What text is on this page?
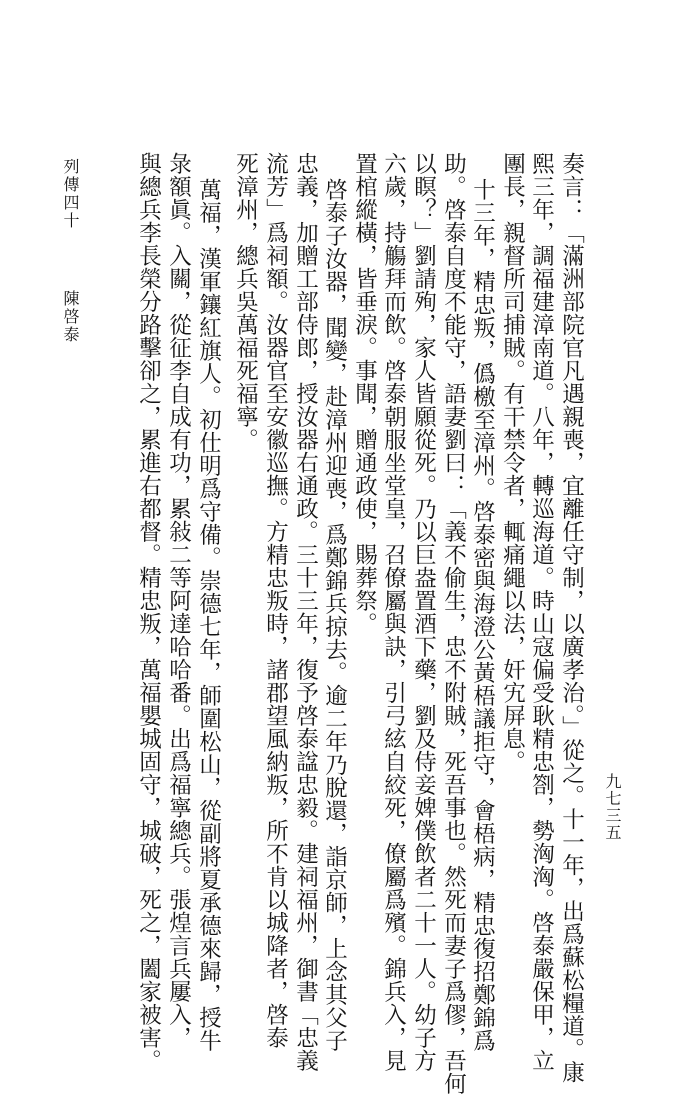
列傳四十
陳啓泰
九七三五
奏言：「滿洲部院官凡遇親喪，宜離任守制，以廣孝治。」從之。十一年，出爲蘇松糧道。康
熙三年，調福建漳南道。八年，轉巡海道。時山寇偏受耿精忠劄，勢洶洶。啓泰嚴保甲，立
團長，親督所司捕賊。有干禁令者，輒痛繩以法，奸宄屏息。
十三年，精忠叛，僞檄至漳州。啓泰密與海澄公黃梧議拒守，會梧病，精忠復招鄭錦爲
助。啓泰自度不能守，語妻劉曰：「義不偷生，忠不附賊，死吾事也。然死而妻子爲僇，吾何
以瞑？」劉請殉，家人皆願從死。乃以巨盎置酒下藥，劉及侍妾婢僕飲者二十一人。幼子方
六歲，持觴拜而飲。啓泰朝服坐堂皇，召僚屬與訣，引弓絃自絞死，僚屬爲殯。錦兵入，見
置棺縱橫，皆垂淚。事聞，贈通政使，賜葬祭。
啓泰子汝器，聞變，赴漳州迎喪，爲鄭錦兵掠去。逾二年乃脫還，詣京師，上念其父子
忠義，加贈工部侍郎，授汝器右通政。三十三年，復予啓泰諡忠毅。建祠福州，御書「忠義
流芳」爲祠額。汝器官至安徽巡撫。方精忠叛時，諸郡望風納叛，所不肯以城降者，啓泰
死漳州，總兵吳萬福死福寧。
萬福，漢軍鑲紅旗人。初仕明爲守備。崇德七年，師圍松山，從副將夏承德來歸，授牛
彔額眞。入關，從征李自成有功，累敍二等阿達哈哈番。出爲福寧總兵。張煌言兵屢入，
與總兵李長榮分路擊卻之，累進右都督。精忠叛，萬福嬰城固守，城破，死之，闔家被害。
